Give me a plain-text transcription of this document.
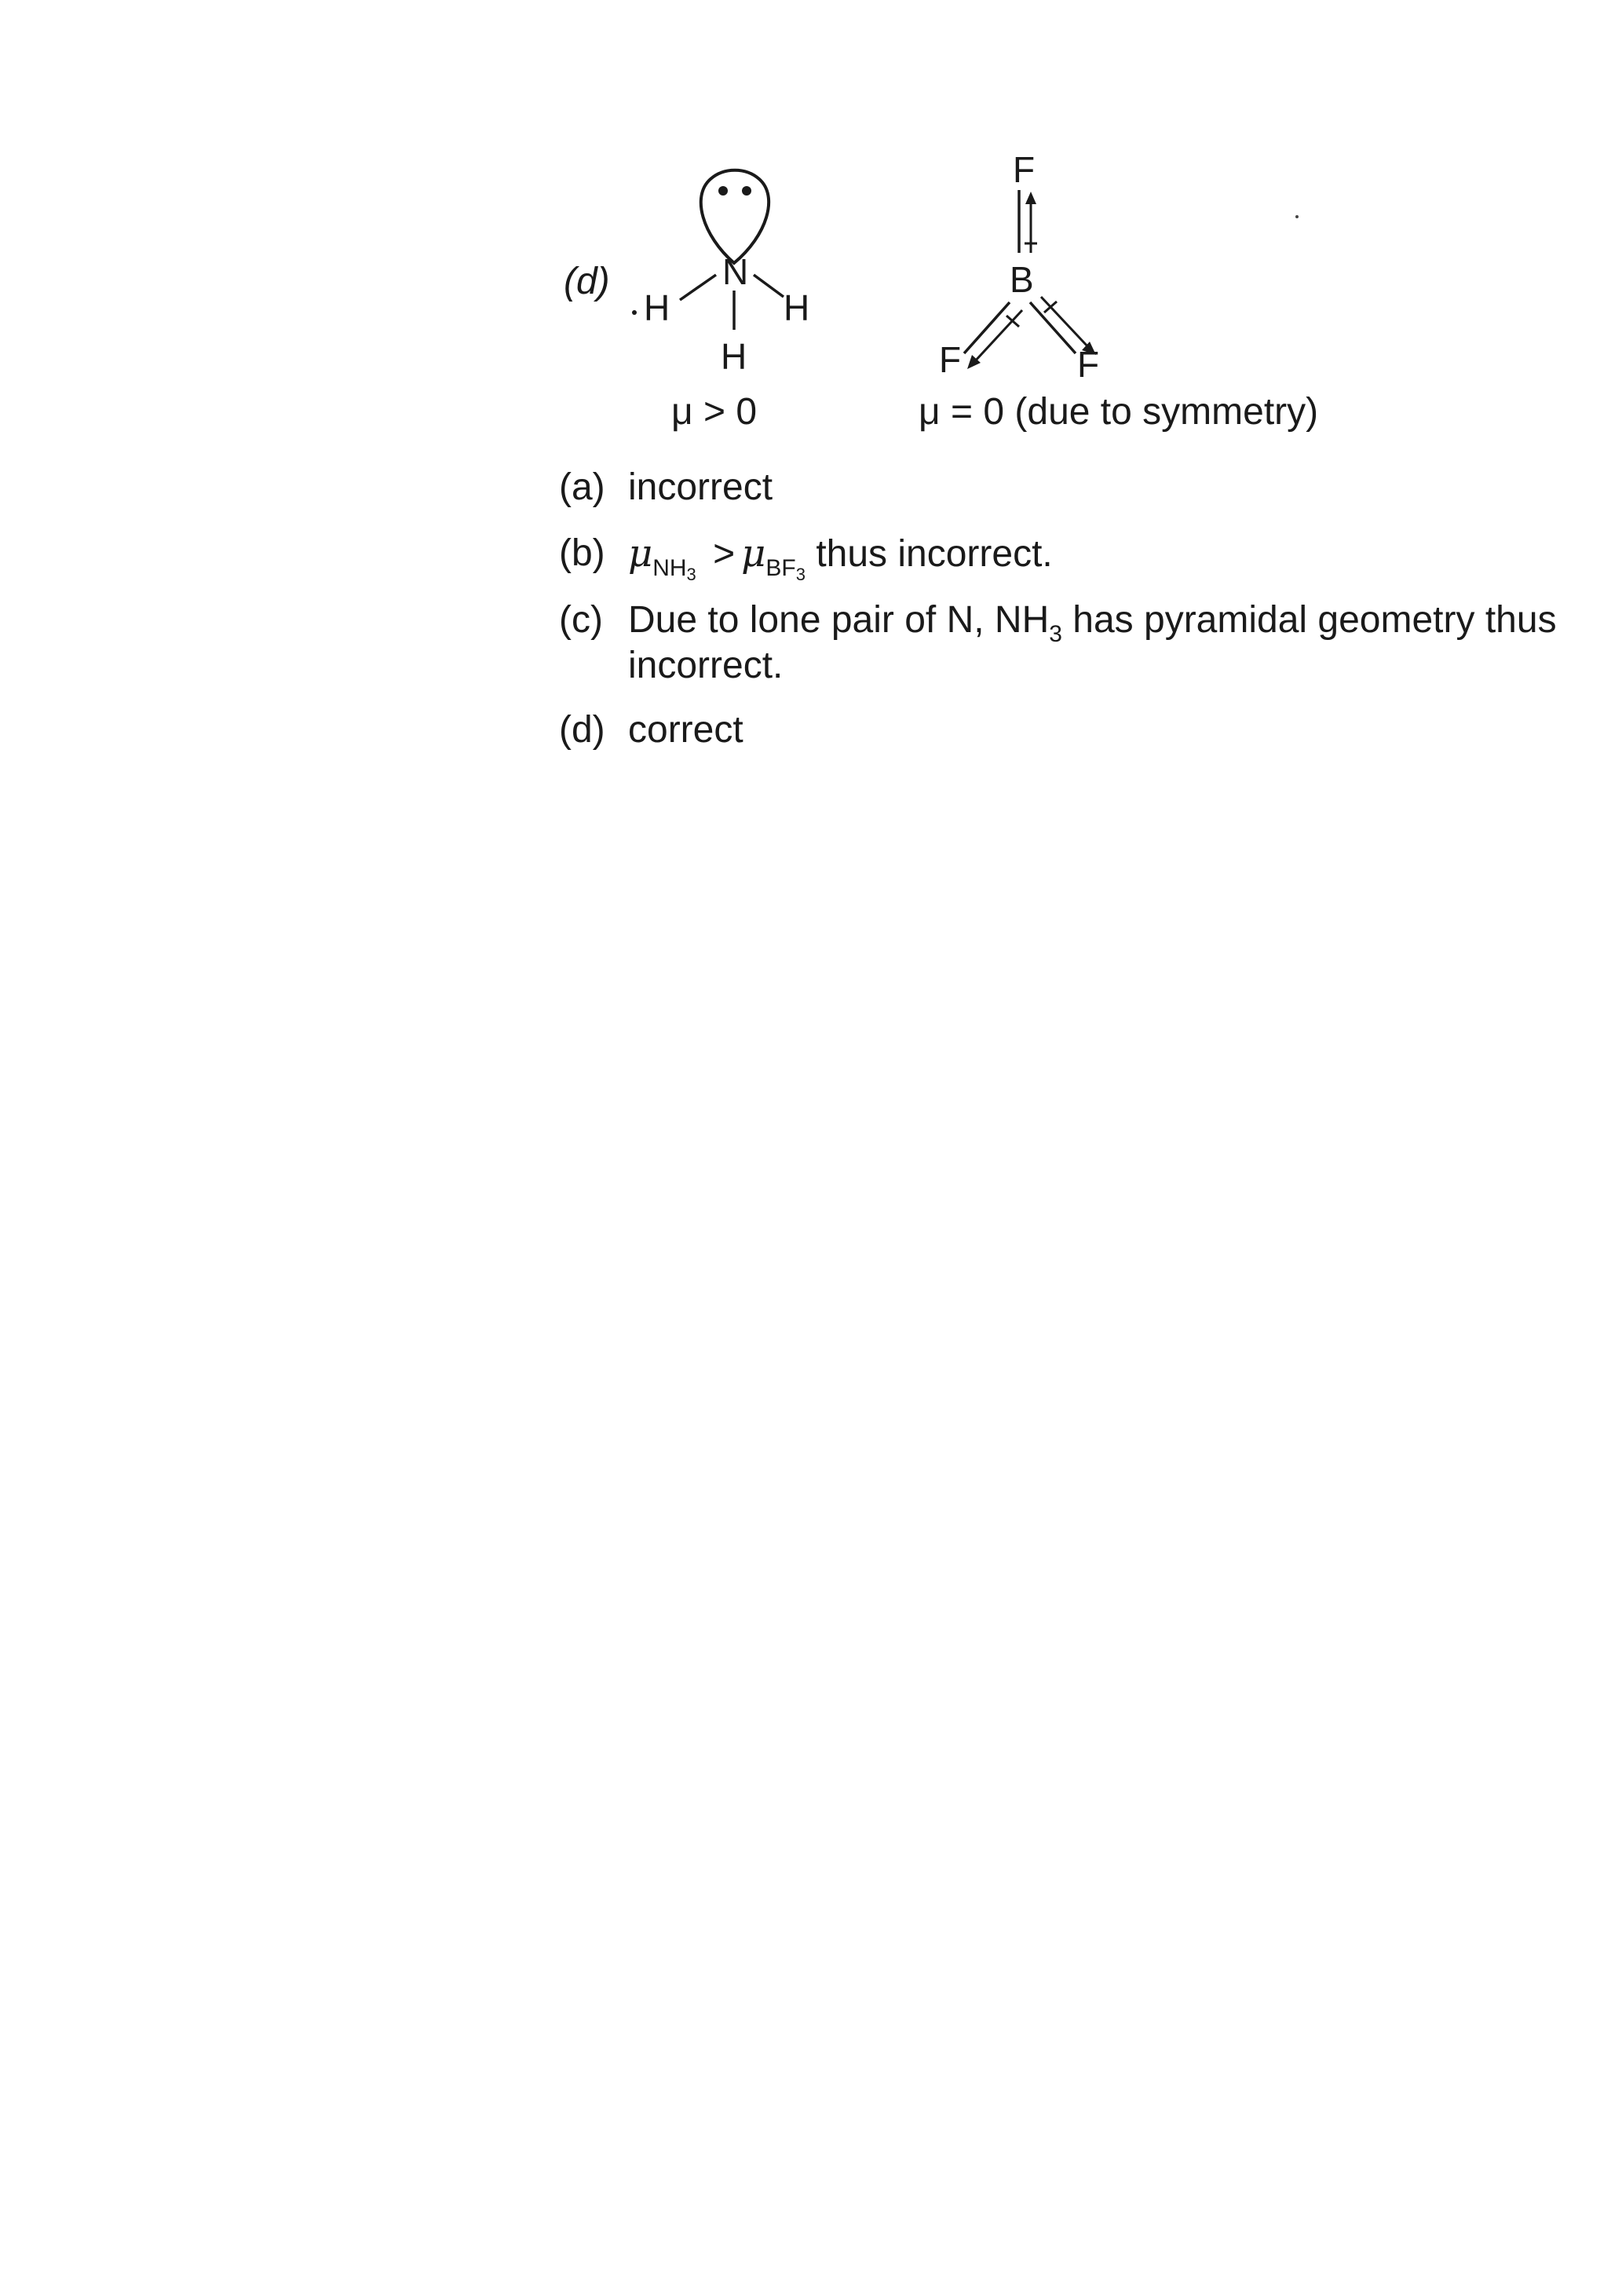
(d)	N
H	H
H
μ > 0
F
B
F	F
μ = 0 (due to symmetry)
(a) incorrect
(b) $\mu_{NH_3} > \mu_{BF_3}$ thus incorrect.
(c) Due to lone pair of N, $NH_3$ has pyramidal geometry thus incorrect.
(d) correct
